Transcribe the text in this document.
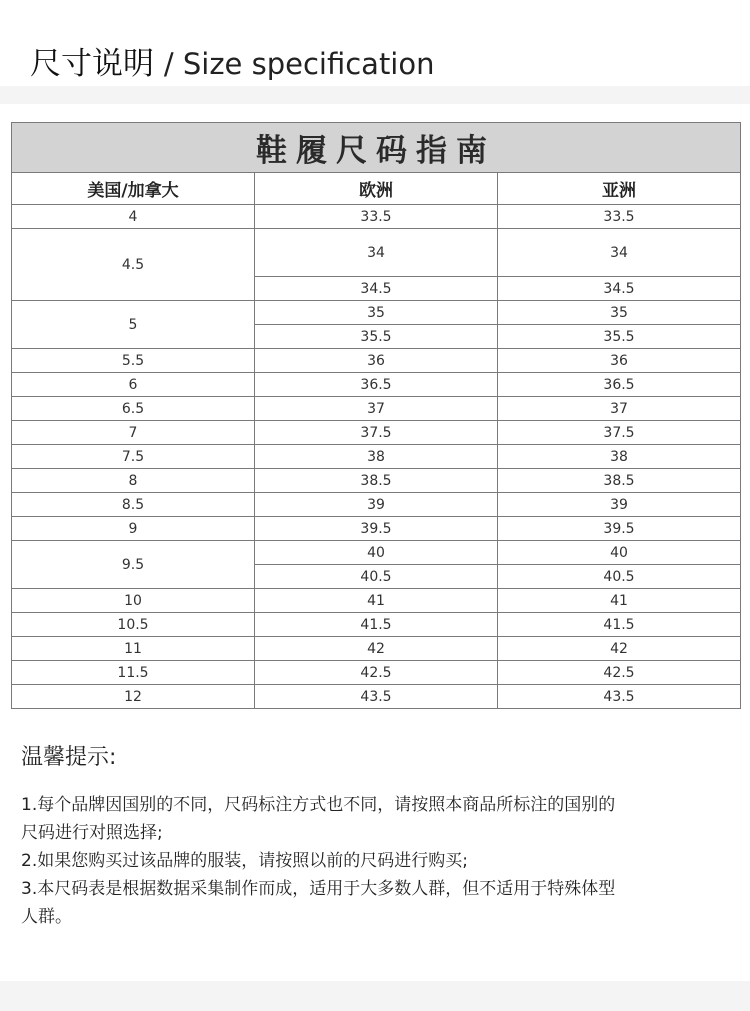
尺寸说明 / Size specification
鞋履尺码指南		
美国/加拿大	欧洲	亚洲
4	33.5	33.5
4.5	34	34
	34.5	34.5
5	35	35
	35.5	35.5
5.5	36	36
6	36.5	36.5
6.5	37	37
7	37.5	37.5
7.5	38	38
8	38.5	38.5
8.5	39	39
9	39.5	39.5
9.5	40	40
	40.5	40.5
10	41	41
10.5	41.5	41.5
11	42	42
11.5	42.5	42.5
12	43.5	43.5
温馨提示:
1.每个品牌因国别的不同，尺码标注方式也不同，请按照本商品所标注的国别的
尺码进行对照选择;
2.如果您购买过该品牌的服装，请按照以前的尺码进行购买;
3.本尺码表是根据数据采集制作而成，适用于大多数人群，但不适用于特殊体型
人群。
